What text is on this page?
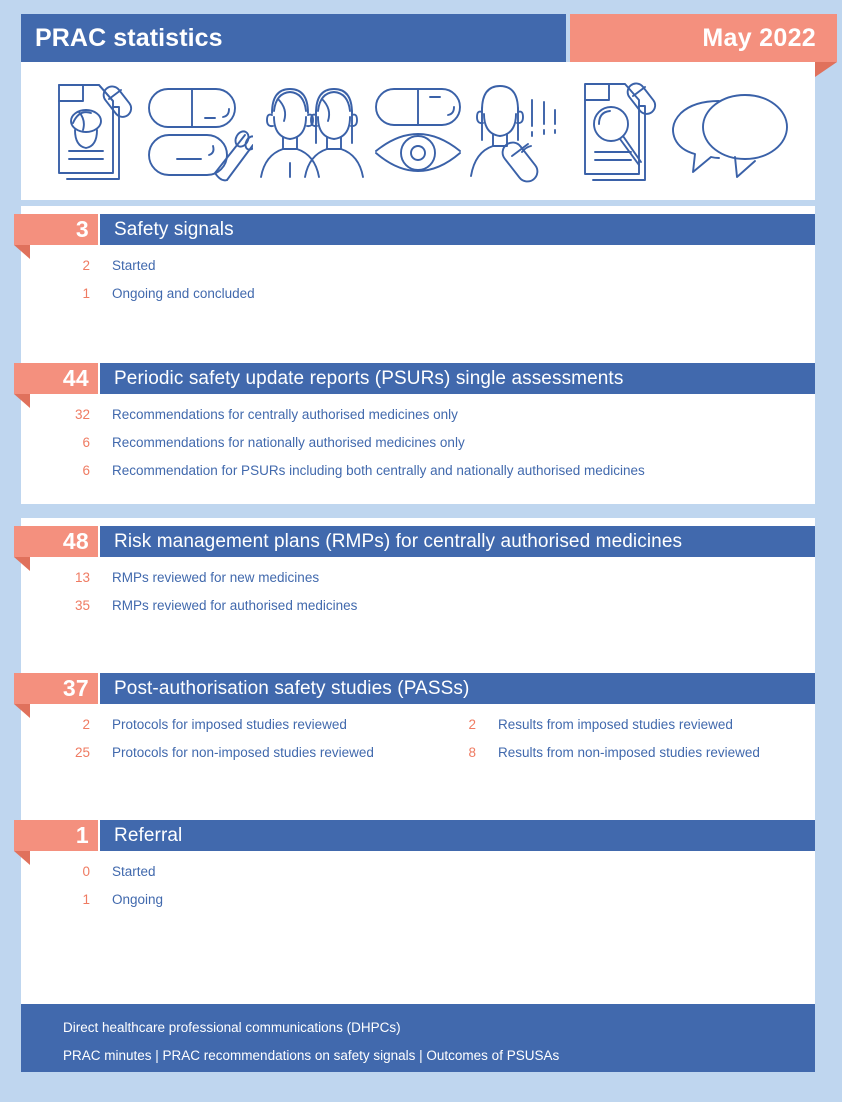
PRAC statistics	May 2022
3	Safety signals
2 Started
1 Ongoing and concluded
44	Periodic safety update reports (PSURs) single assessments
32 Recommendations for centrally authorised medicines only
6 Recommendations for nationally authorised medicines only
6 Recommendation for PSURs including both centrally and nationally authorised medicines
48	Risk management plans (RMPs) for centrally authorised medicines
13 RMPs reviewed for new medicines
35 RMPs reviewed for authorised medicines
37	Post-authorisation safety studies (PASSs)
2 Protocols for imposed studies reviewed	2 Results from imposed studies reviewed
25 Protocols for non-imposed studies reviewed	8 Results from non-imposed studies reviewed
1	Referral
0 Started
1 Ongoing
Direct healthcare professional communications (DHPCs)
PRAC minutes | PRAC recommendations on safety signals | Outcomes of PSUSAs
